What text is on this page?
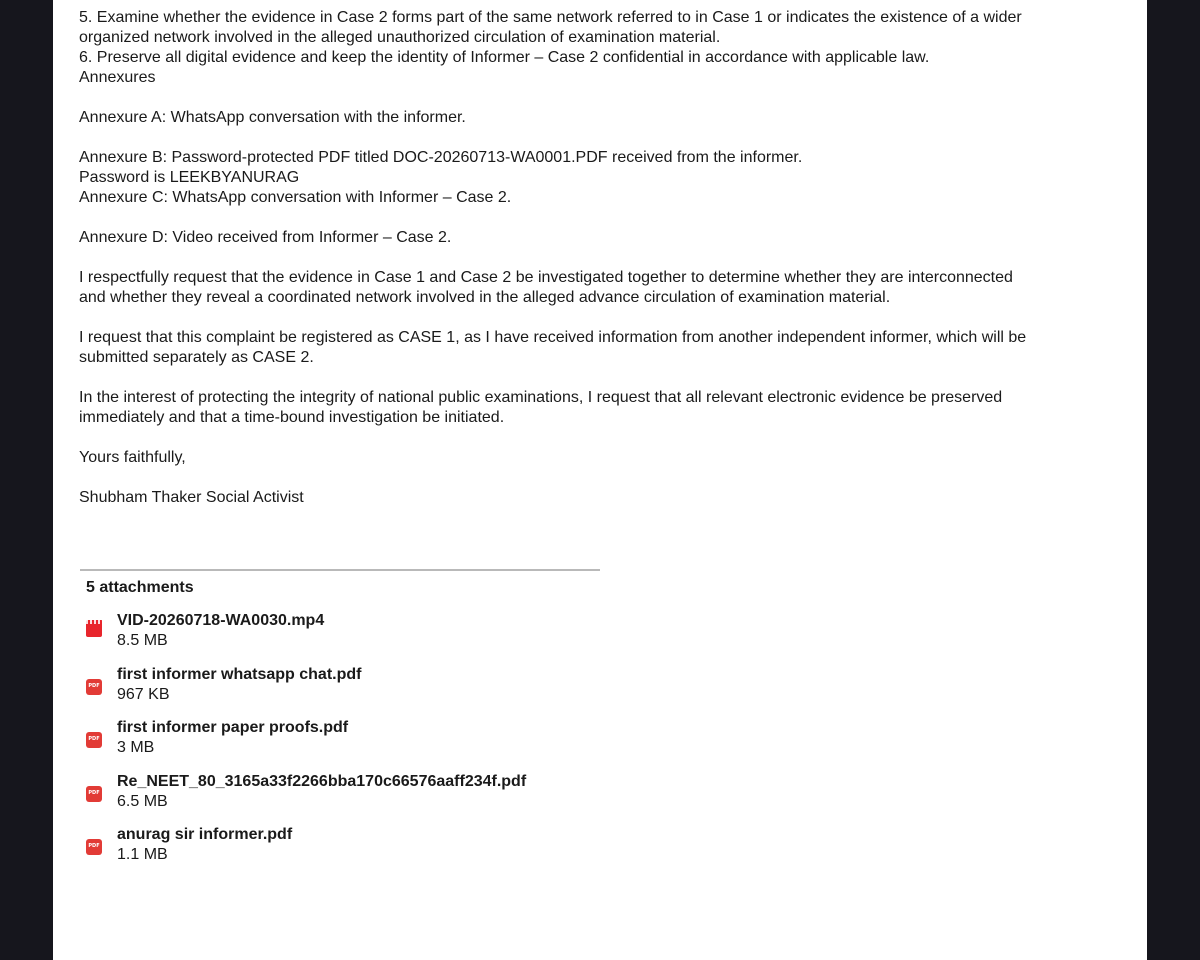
5. Examine whether the evidence in Case 2 forms part of the same network referred to in Case 1 or indicates the existence of a wider
organized network involved in the alleged unauthorized circulation of examination material.
6. Preserve all digital evidence and keep the identity of Informer – Case 2 confidential in accordance with applicable law.
Annexures
Annexure A: WhatsApp conversation with the informer.
Annexure B: Password-protected PDF titled DOC-20260713-WA0001.PDF received from the informer.
Password is LEEKBYANURAG
Annexure C: WhatsApp conversation with Informer – Case 2.
Annexure D: Video received from Informer – Case 2.
I respectfully request that the evidence in Case 1 and Case 2 be investigated together to determine whether they are interconnected
and whether they reveal a coordinated network involved in the alleged advance circulation of examination material.
I request that this complaint be registered as CASE 1, as I have received information from another independent informer, which will be
submitted separately as CASE 2.
In the interest of protecting the integrity of national public examinations, I request that all relevant electronic evidence be preserved
immediately and that a time-bound investigation be initiated.
Yours faithfully,
Shubham Thaker Social Activist
5 attachments
VID-20260718-WA0030.mp4
8.5 MB
PDF
first informer whatsapp chat.pdf
967 KB
PDF
first informer paper proofs.pdf
3 MB
PDF
Re_NEET_80_3165a33f2266bba170c66576aaff234f.pdf
6.5 MB
PDF
anurag sir informer.pdf
1.1 MB
